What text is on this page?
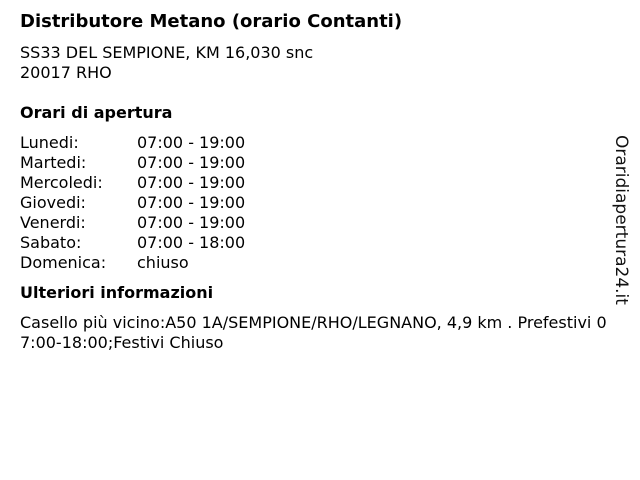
Distributore Metano (orario Contanti)
SS33 DEL SEMPIONE, KM 16,030 snc
20017 RHO
Orari di apertura
Lunedi:	07:00 - 19:00
Martedi:	07:00 - 19:00
Mercoledi:	07:00 - 19:00
Giovedi:	07:00 - 19:00
Venerdi:	07:00 - 19:00
Sabato:	07:00 - 18:00
Domenica:	chiuso
Ulteriori informazioni
Casello più vicino:A50 1A/SEMPIONE/RHO/LEGNANO, 4,9 km . Prefestivi 07:00-18:00;Festivi Chiuso
Oraridiapertura24.it
